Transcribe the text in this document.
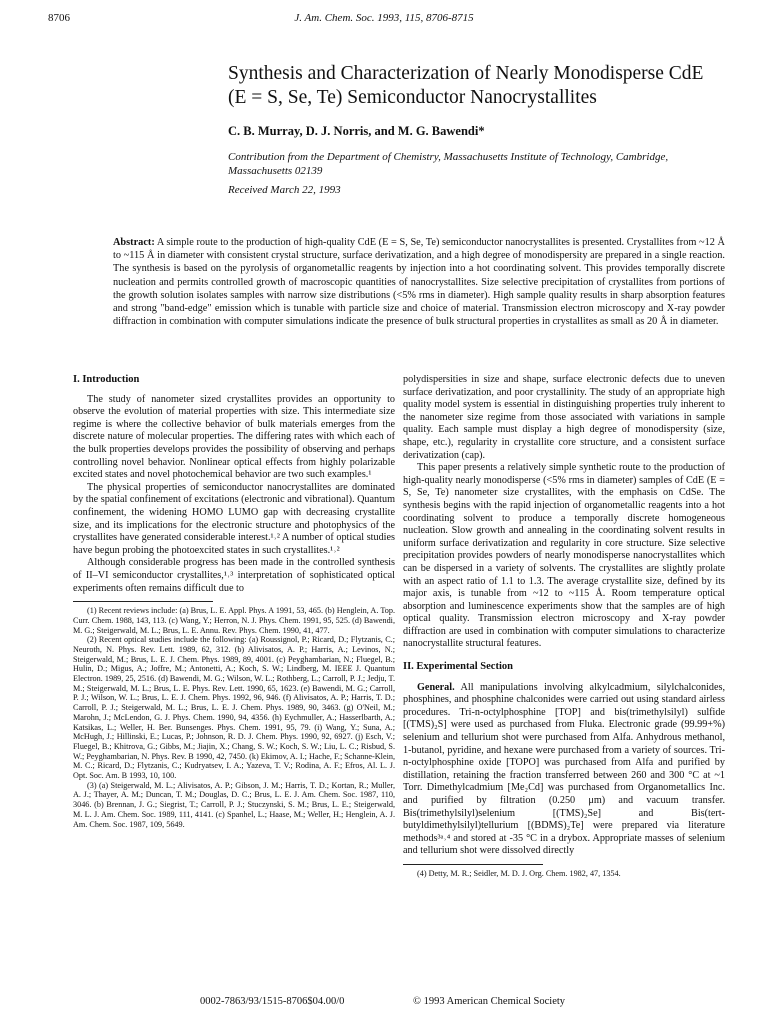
8706	J. Am. Chem. Soc. 1993, 115, 8706-8715
Synthesis and Characterization of Nearly Monodisperse CdE
(E = S, Se, Te) Semiconductor Nanocrystallites
C. B. Murray, D. J. Norris, and M. G. Bawendi*
Contribution from the Department of Chemistry, Massachusetts Institute of Technology, Cambridge, Massachusetts 02139
Received March 22, 1993
Abstract: A simple route to the production of high-quality CdE (E = S, Se, Te) semiconductor nanocrystallites is presented. Crystallites from ~12 Å to ~115 Å in diameter with consistent crystal structure, surface derivatization, and a high degree of monodispersity are prepared in a single reaction. The synthesis is based on the pyrolysis of organometallic reagents by injection into a hot coordinating solvent. This provides temporally discrete nucleation and permits controlled growth of macroscopic quantities of nanocrystallites. Size selective precipitation of crystallites from portions of the growth solution isolates samples with narrow size distributions (<5% rms in diameter). High sample quality results in sharp absorption features and strong "band-edge" emission which is tunable with particle size and choice of material. Transmission electron microscopy and X-ray powder diffraction in combination with computer simulations indicate the presence of bulk structural properties in crystallites as small as 20 Å in diameter.
I. Introduction

The study of nanometer sized crystallites provides an opportunity to observe the evolution of material properties with size. This intermediate size regime is where the collective behavior of bulk materials emerges from the discrete nature of molecular properties. The differing rates with which each of the bulk properties develops provides the possibility of observing and perhaps controlling novel behavior. Nonlinear optical effects from highly polarizable excited states and novel photochemical behavior are two such examples.¹

The physical properties of semiconductor nanocrystallites are dominated by the spatial confinement of excitations (electronic and vibrational). Quantum confinement, the widening HOMO LUMO gap with decreasing crystallite size, and its implications for the electronic structure and photophysics of the crystallites have generated considerable interest.¹˒² A number of optical studies have begun probing the photoexcited states in such crystallites.¹˒²

Although considerable progress has been made in the controlled synthesis of II–VI semiconductor crystallites,¹˒³ interpretation of sophisticated optical experiments often remains difficult due to

(1) Recent reviews include: (a) Brus, L. E. Appl. Phys. A 1991, 53, 465. (b) Henglein, A. Top. Curr. Chem. 1988, 143, 113. (c) Wang, Y.; Herron, N. J. Phys. Chem. 1991, 95, 525. (d) Bawendi, M. G.; Steigerwald, M. L.; Brus, L. E. Annu. Rev. Phys. Chem. 1990, 41, 477.

(2) Recent optical studies include the following: (a) Roussignol, P.; Ricard, D.; Flytzanis, C.; Neuroth, N. Phys. Rev. Lett. 1989, 62, 312. (b) Alivisatos, A. P.; Harris, A.; Levinos, N.; Steigerwald, M.; Brus, L. E. J. Chem. Phys. 1989, 89, 4001. (c) Peyghambarian, N.; Fluegel, B.; Hulin, D.; Migus, A.; Joffre, M.; Antonetti, A.; Koch, S. W.; Lindberg, M. IEEE J. Quantum Electron. 1989, 25, 2516. (d) Bawendi, M. G.; Wilson, W. L.; Rothberg, L.; Carroll, P. J.; Jedju, T. M.; Steigerwald, M. L.; Brus, L. E. Phys. Rev. Lett. 1990, 65, 1623. (e) Bawendi, M. G.; Carroll, P. J.; Wilson, W. L.; Brus, L. E. J. Chem. Phys. 1992, 96, 946. (f) Alivisatos, A. P.; Harris, T. D.; Carroll, P. J.; Steigerwald, M. L.; Brus, L. E. J. Chem. Phys. 1989, 90, 3463. (g) O'Neil, M.; Marohn, J.; McLendon, G. J. Phys. Chem. 1990, 94, 4356. (h) Eychmuller, A.; Hasserlbarth, A.; Katsikas, L.; Weller, H. Ber. Bunsenges. Phys. Chem. 1991, 95, 79. (i) Wang, Y.; Suna, A.; McHugh, J.; Hillinski, E.; Lucas, P.; Johnson, R. D. J. Chem. Phys. 1990, 92, 6927. (j) Esch, V.; Fluegel, B.; Khitrova, G.; Gibbs, M.; Jiajin, X.; Chang, S. W.; Koch, S. W.; Liu, L. C.; Risbud, S. W.; Peyghambarian, N. Phys. Rev. B 1990, 42, 7450. (k) Ekimov, A. I.; Hache, F.; Schanne-Klein, M. C.; Ricard, D.; Flytzanis, C.; Kudryatsev, I. A.; Yazeva, T. V.; Rodina, A. F.; Efros, Al. L. J. Opt. Soc. Am. B 1993, 10, 100.

(3) (a) Steigerwald, M. L.; Alivisatos, A. P.; Gibson, J. M.; Harris, T. D.; Kortan, R.; Muller, A. J.; Thayer, A. M.; Duncan, T. M.; Douglas, D. C.; Brus, L. E. J. Am. Chem. Soc. 1987, 110, 3046. (b) Brennan, J. G.; Siegrist, T.; Carroll, P. J.; Stuczynski, S. M.; Brus, L. E.; Steigerwald, M. L. J. Am. Chem. Soc. 1989, 111, 4141. (c) Spanhel, L.; Haase, M.; Weller, H.; Henglein, A. J. Am. Chem. Soc. 1987, 109, 5649.

polydispersities in size and shape, surface electronic defects due to uneven surface derivatization, and poor crystallinity. The study of an appropriate high quality model system is essential in distinguishing properties truly inherent to the nanometer size regime from those associated with variations in sample quality. Each sample must display a high degree of monodispersity (size, shape, etc.), regularity in crystallite core structure, and a consistent surface derivatization (cap).

This paper presents a relatively simple synthetic route to the production of high-quality nearly monodisperse (<5% rms in diameter) samples of CdE (E = S, Se, Te) nanometer size crystallites, with the emphasis on CdSe. The synthesis begins with the rapid injection of organometallic reagents into a hot coordinating solvent to produce a temporally discrete homogeneous nucleation. Slow growth and annealing in the coordinating solvent results in uniform surface derivatization and regularity in core structure. Size selective precipitation provides powders of nearly monodisperse nanocrystallites which can be dispersed in a variety of solvents. The crystallites are slightly prolate with an aspect ratio of 1.1 to 1.3. The average crystallite size, defined by its major axis, is tunable from ~12 to ~115 Å. Room temperature optical absorption and luminescence experiments show that the samples are of high optical quality. Transmission electron microscopy and X-ray powder diffraction are used in combination with computer simulations to characterize nanocrystallite structural features.

II. Experimental Section

General. All manipulations involving alkylcadmium, silylchalconides, phosphines, and phosphine chalconides were carried out using standard airless procedures. Tri-n-octylphosphine [TOP] and bis(trimethylsilyl) sulfide [(TMS)₂S] were used as purchased from Fluka. Electronic grade (99.99+%) selenium and tellurium shot were purchased from Alfa. Anhydrous methanol, 1-butanol, pyridine, and hexane were purchased from a variety of sources. Tri-n-octylphosphine oxide [TOPO] was purchased from Alfa and purified by distillation, retaining the fraction transferred between 260 and 300 °C at ~1 Torr. Dimethylcadmium [Me₂Cd] was purchased from Organometallics Inc. and purified by filtration (0.250 μm) and vacuum transfer. Bis(trimethylsilyl)selenium [(TMS)₂Se] and Bis(tert-butyldimethylsilyl)tellurium [(BDMS)₂Te] were prepared via literature methods³ᵃ˒⁴ and stored at -35 °C in a drybox. Appropriate masses of selenium and tellurium shot were dissolved directly

(4) Detty, M. R.; Seidler, M. D. J. Org. Chem. 1982, 47, 1354.

0002-7863/93/1515-8706$04.00/0	© 1993 American Chemical Society
